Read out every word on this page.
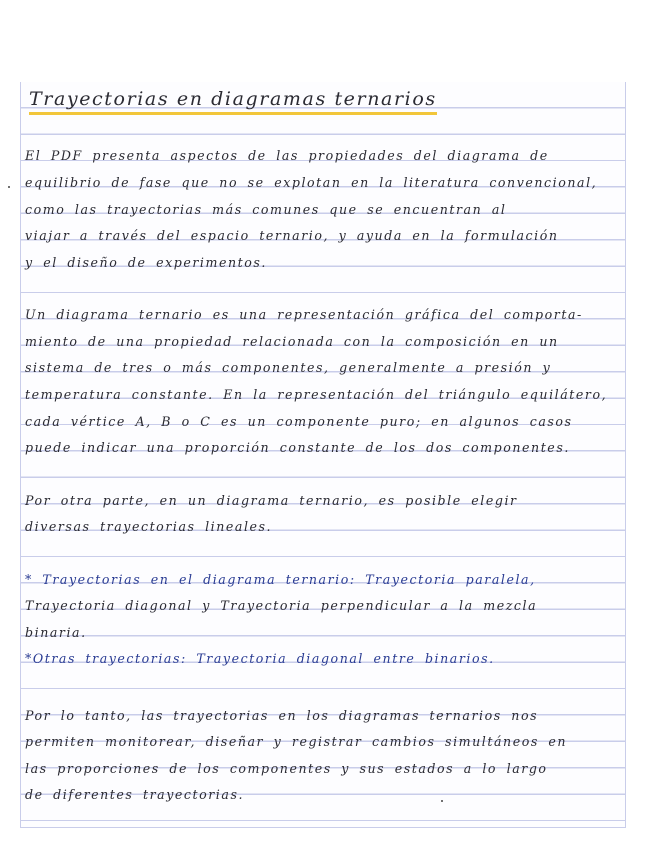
Trayectorias en diagramas ternarios
El PDF presenta aspectos de las propiedades del diagrama de
equilibrio de fase que no se explotan en la literatura convencional,
como las trayectorias más comunes que se encuentran al
viajar a través del espacio ternario, y ayuda en la formulación
y el diseño de experimentos.
Un diagrama ternario es una representación gráfica del comporta-
miento de una propiedad relacionada con la composición en un
sistema de tres o más componentes, generalmente a presión y
temperatura constante. En la representación del triángulo equilátero,
cada vértice A, B o C es un componente puro; en algunos casos
puede indicar una proporción constante de los dos componentes.
Por otra parte, en un diagrama ternario, es posible elegir
diversas trayectorias lineales.
* Trayectorias en el diagrama ternario: Trayectoria paralela,
Trayectoria diagonal y Trayectoria perpendicular a la mezcla
binaria.
*Otras trayectorias: Trayectoria diagonal entre binarios.
Por lo tanto, las trayectorias en los diagramas ternarios nos
permiten monitorear, diseñar y registrar cambios simultáneos en
las proporciones de los componentes y sus estados a lo largo
de diferentes trayectorias.
